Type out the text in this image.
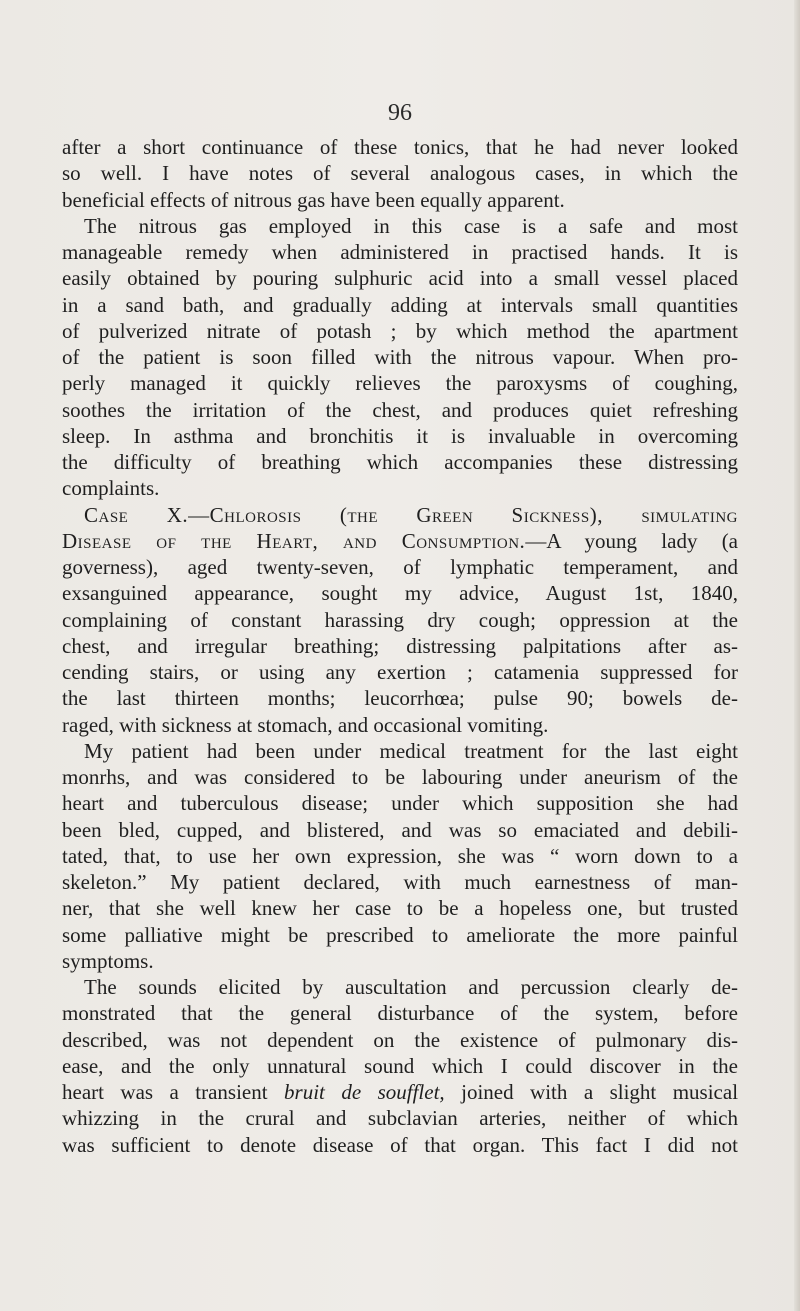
96
after a short continuance of these tonics, that he had never looked
so well. I have notes of several analogous cases, in which the
beneficial effects of nitrous gas have been equally apparent.
The nitrous gas employed in this case is a safe and most
manageable remedy when administered in practised hands. It is
easily obtained by pouring sulphuric acid into a small vessel placed
in a sand bath, and gradually adding at intervals small quantities
of pulverized nitrate of potash ; by which method the apartment
of the patient is soon filled with the nitrous vapour. When pro-
perly managed it quickly relieves the paroxysms of coughing,
soothes the irritation of the chest, and produces quiet refreshing
sleep. In asthma and bronchitis it is invaluable in overcoming
the difficulty of breathing which accompanies these distressing
complaints.
Case X.—Chlorosis (the Green Sickness), simulating
Disease of the Heart, and Consumption.—A young lady (a
governess), aged twenty-seven, of lymphatic temperament, and
exsanguined appearance, sought my advice, August 1st, 1840,
complaining of constant harassing dry cough; oppression at the
chest, and irregular breathing; distressing palpitations after as-
cending stairs, or using any exertion ; catamenia suppressed for
the last thirteen months; leucorrhœa; pulse 90; bowels de-
raged, with sickness at stomach, and occasional vomiting.
My patient had been under medical treatment for the last eight
monrhs, and was considered to be labouring under aneurism of the
heart and tuberculous disease; under which supposition she had
been bled, cupped, and blistered, and was so emaciated and debili-
tated, that, to use her own expression, she was “ worn down to a
skeleton.” My patient declared, with much earnestness of man-
ner, that she well knew her case to be a hopeless one, but trusted
some palliative might be prescribed to ameliorate the more painful
symptoms.
The sounds elicited by auscultation and percussion clearly de-
monstrated that the general disturbance of the system, before
described, was not dependent on the existence of pulmonary dis-
ease, and the only unnatural sound which I could discover in the
heart was a transient bruit de soufflet, joined with a slight musical
whizzing in the crural and subclavian arteries, neither of which
was sufficient to denote disease of that organ. This fact I did not
